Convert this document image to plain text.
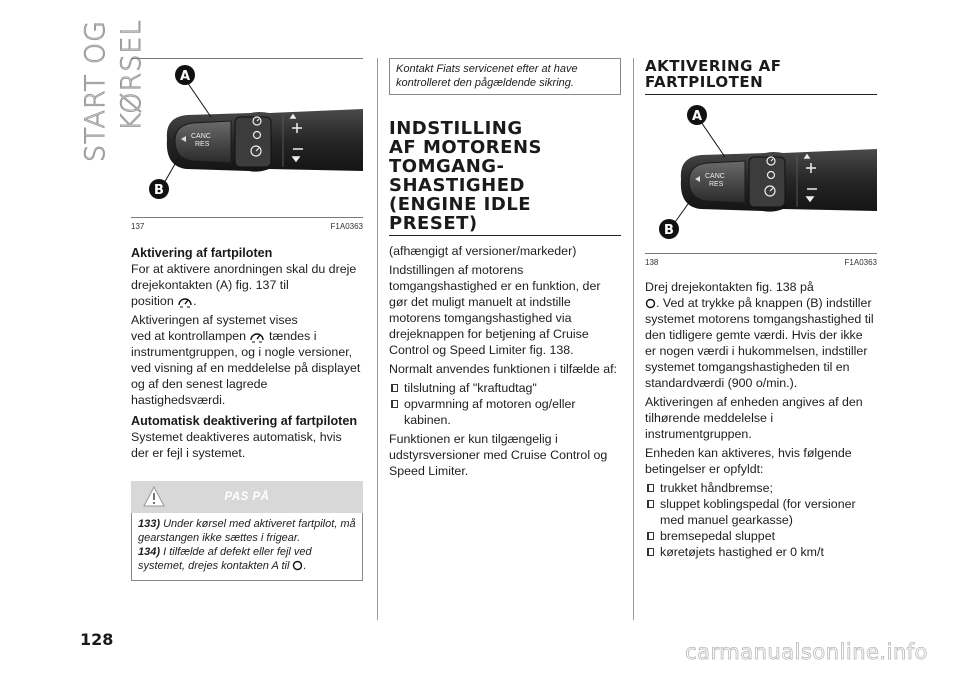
START OG KØRSEL
128
CANC
RES
A
B
137	F1A0363
Aktivering af fartpiloten

For at aktivere anordningen skal du dreje drejekontakten (A) fig. 137 til
position .

Aktiveringen af systemet vises
ved at kontrollampen tændes i instrumentgruppen, og i nogle versioner, ved visning af en meddelelse på displayet og af den senest lagrede hastighedsværdi.

Automatisk deaktivering af fartpiloten

Systemet deaktiveres automatisk, hvis der er fejl i systemet.

PAS PÅ

133) Under kørsel med aktiveret fartpilot, må gearstangen ikke sættes i frigear.

134) I tilfælde af defekt eller fejl ved systemet, drejes kontakten A til .

Kontakt Fiats servicenet efter at have kontrolleret den pågældende sikring.

INDSTILLING
AF MOTORENS
TOMGANG-
SHASTIGHED
(ENGINE IDLE
PRESET)

(afhængigt af versioner/markeder)

Indstillingen af motorens tomgangshastighed er en funktion, der gør det muligt manuelt at indstille motorens tomgangshastighed via drejeknappen for betjening af Cruise Control og Speed Limiter fig. 138.

Normalt anvendes funktionen i tilfælde af:

tilslutning af "kraftudtag"
opvarmning af motoren og/eller kabinen.

Funktionen er kun tilgængelig i udstyrsversioner med Cruise Control og Speed Limiter.

AKTIVERING AF
FARTPILOTEN
CANC
RES
A
B
138	F1A0363

Drej drejekontakten fig. 138 på
. Ved at trykke på knappen (B) indstiller systemet motorens tomgangshastighed til den tidligere gemte værdi. Hvis der ikke er nogen værdi i hukommelsen, indstiller systemet tomgangshastigheden til en standardværdi (900 o/min.).

Aktiveringen af enheden angives af den tilhørende meddelelse i instrumentgruppen.

Enheden kan aktiveres, hvis følgende betingelser er opfyldt:

trukket håndbremse;
sluppet koblingspedal (for versioner med manuel gearkasse)
bremsepedal sluppet
køretøjets hastighed er 0 km/t
carmanualsonline.info
